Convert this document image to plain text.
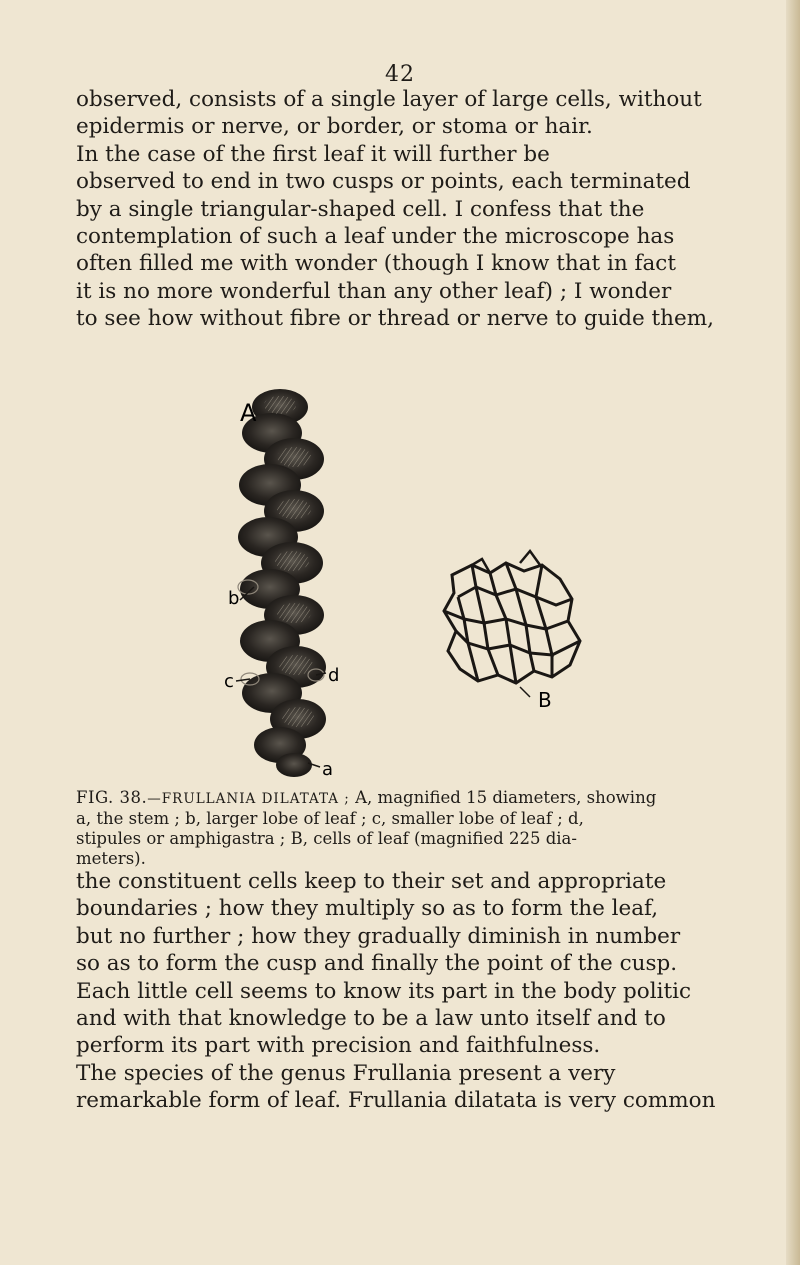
42
observed, consists of a single layer of large cells, without
epidermis or nerve, or border, or stoma or hair.
In the case of the first leaf it will further be
observed to end in two cusps or points, each terminated
by a single triangular-shaped cell. I confess that the
contemplation of such a leaf under the microscope has
often filled me with wonder (though I know that in fact
it is no more wonderful than any other leaf) ; I wonder
to see how without fibre or thread or nerve to guide them,
A
b
c	d
a
B
FIG. 38.—FRULLANIA DILATATA ; A, magnified 15 diameters, showing
a, the stem ; b, larger lobe of leaf ; c, smaller lobe of leaf ; d,
stipules or amphigastra ; B, cells of leaf (magnified 225 dia-
meters).
the constituent cells keep to their set and appropriate
boundaries ; how they multiply so as to form the leaf,
but no further ; how they gradually diminish in number
so as to form the cusp and finally the point of the cusp.
Each little cell seems to know its part in the body politic
and with that knowledge to be a law unto itself and to
perform its part with precision and faithfulness.
The species of the genus Frullania present a very
remarkable form of leaf. Frullania dilatata is very common
